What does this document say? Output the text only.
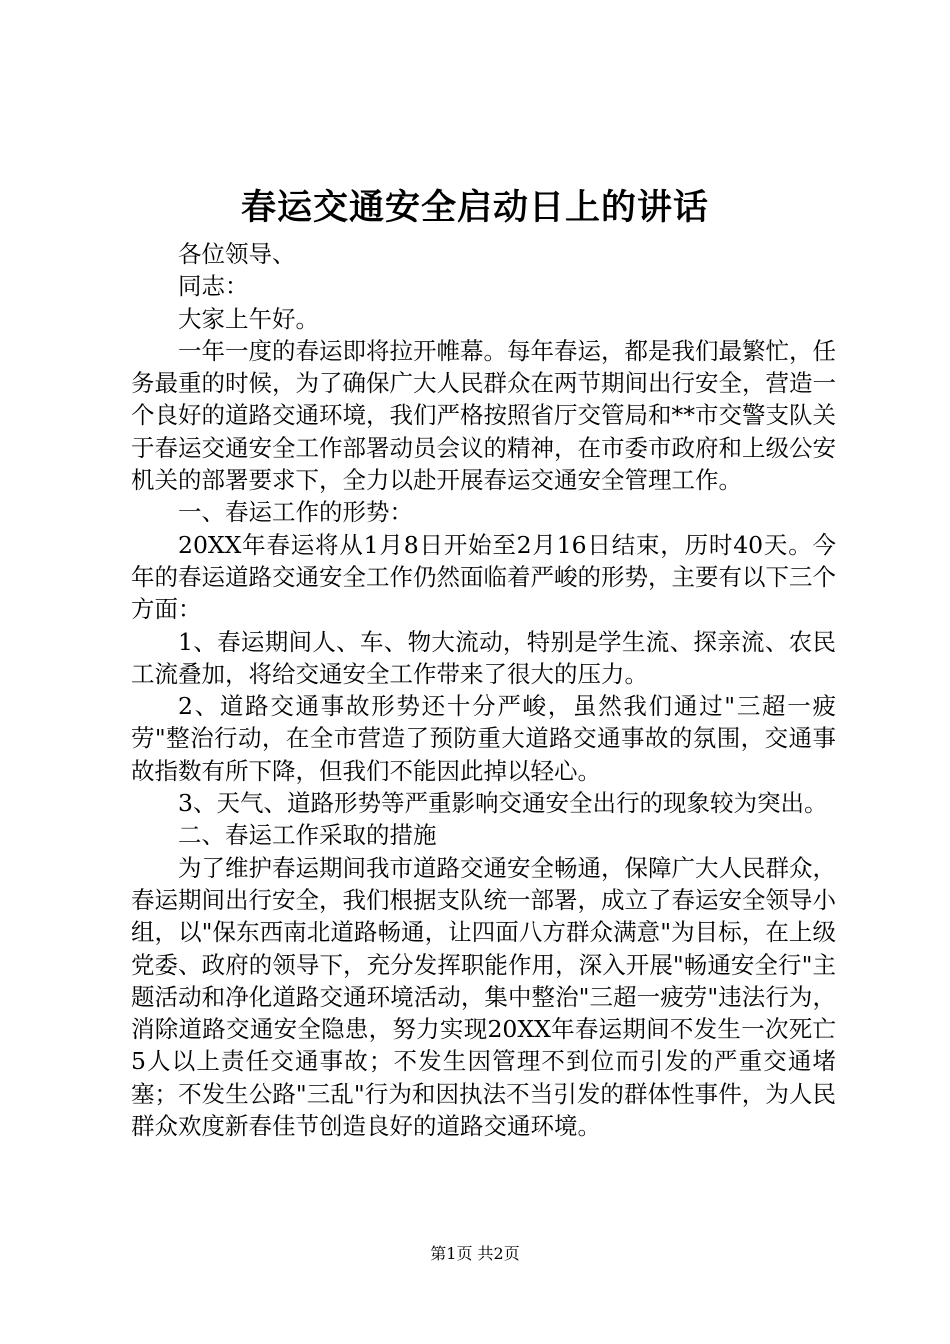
春运交通安全启动日上的讲话

各位领导、

同志：

大家上午好。

一年一度的春运即将拉开帷幕。每年春运，都是我们最繁忙，任务最重的时候，为了确保广大人民群众在两节期间出行安全，营造一个良好的道路交通环境，我们严格按照省厅交管局和**市交警支队关于春运交通安全工作部署动员会议的精神，在市委市政府和上级公安机关的部署要求下，全力以赴开展春运交通安全管理工作。

一、春运工作的形势：

20XX年春运将从1月8日开始至2月16日结束，历时40天。今年的春运道路交通安全工作仍然面临着严峻的形势，主要有以下三个方面：

1、春运期间人、车、物大流动，特别是学生流、探亲流、农民工流叠加，将给交通安全工作带来了很大的压力。

2、道路交通事故形势还十分严峻，虽然我们通过"三超一疲劳"整治行动，在全市营造了预防重大道路交通事故的氛围，交通事故指数有所下降，但我们不能因此掉以轻心。

3、天气、道路形势等严重影响交通安全出行的现象较为突出。

二、春运工作采取的措施

为了维护春运期间我市道路交通安全畅通，保障广大人民群众，春运期间出行安全，我们根据支队统一部署，成立了春运安全领导小组，以"保东西南北道路畅通，让四面八方群众满意"为目标，在上级党委、政府的领导下，充分发挥职能作用，深入开展"畅通安全行"主题活动和净化道路交通环境活动，集中整治"三超一疲劳"违法行为，消除道路交通安全隐患，努力实现20XX年春运期间不发生一次死亡5人以上责任交通事故；不发生因管理不到位而引发的严重交通堵塞；不发生公路"三乱"行为和因执法不当引发的群体性事件，为人民群众欢度新春佳节创造良好的道路交通环境。

第1页 共2页
